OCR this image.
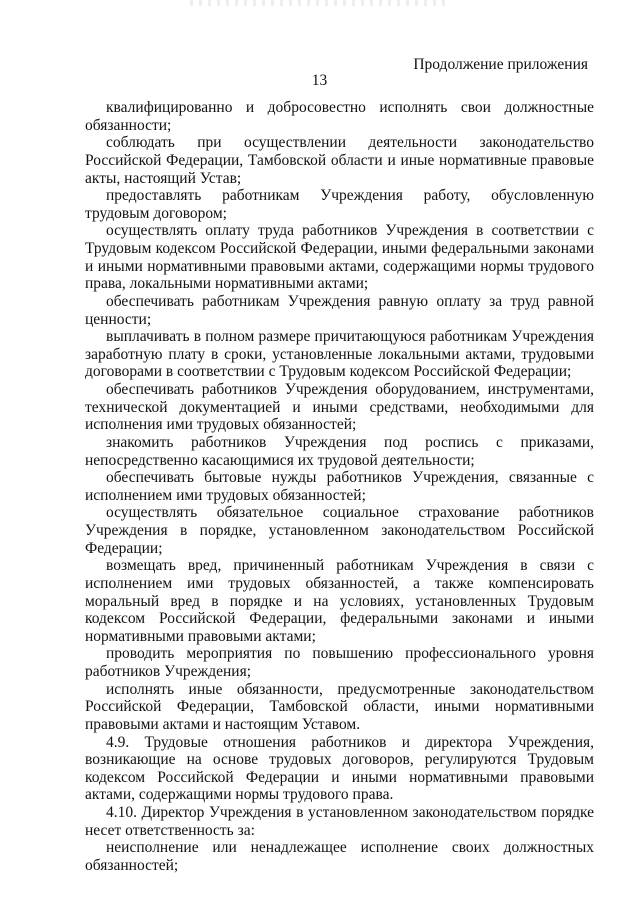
Продолжение приложения
13

квалифицированно и добросовестно исполнять свои должностные обязанности;

соблюдать при осуществлении деятельности законодательство Российской Федерации, Тамбовской области и иные нормативные правовые акты, настоящий Устав;

предоставлять работникам Учреждения работу, обусловленную трудовым договором;

осуществлять оплату труда работников Учреждения в соответствии с Трудовым кодексом Российской Федерации, иными федеральными законами и иными нормативными правовыми актами, содержащими нормы трудового права, локальными нормативными актами;

обеспечивать работникам Учреждения равную оплату за труд равной ценности;

выплачивать в полном размере причитающуюся работникам Учреждения заработную плату в сроки, установленные локальными актами, трудовыми договорами в соответствии с Трудовым кодексом Российской Федерации;

обеспечивать работников Учреждения оборудованием, инструментами, технической документацией и иными средствами, необходимыми для исполнения ими трудовых обязанностей;

знакомить работников Учреждения под роспись с приказами, непосредственно касающимися их трудовой деятельности;

обеспечивать бытовые нужды работников Учреждения, связанные с исполнением ими трудовых обязанностей;

осуществлять обязательное социальное страхование работников Учреждения в порядке, установленном законодательством Российской Федерации;

возмещать вред, причиненный работникам Учреждения в связи с исполнением ими трудовых обязанностей, а также компенсировать моральный вред в порядке и на условиях, установленных Трудовым кодексом Российской Федерации, федеральными законами и иными нормативными правовыми актами;

проводить мероприятия по повышению профессионального уровня работников Учреждения;

исполнять иные обязанности, предусмотренные законодательством Российской Федерации, Тамбовской области, иными нормативными правовыми актами и настоящим Уставом.

4.9. Трудовые отношения работников и директора Учреждения, возникающие на основе трудовых договоров, регулируются Трудовым кодексом Российской Федерации и иными нормативными правовыми актами, содержащими нормы трудового права.

4.10. Директор Учреждения в установленном законодательством порядке несет ответственность за:

неисполнение или ненадлежащее исполнение своих должностных обязанностей;
